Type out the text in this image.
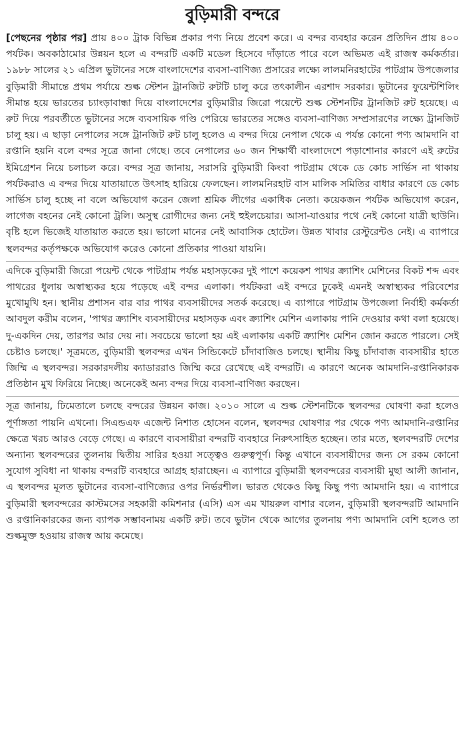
বুড়িমারী বন্দরে

[পেছনের পৃষ্ঠার পর] প্রায় ৪০০ ট্রাক বিভিন্ন প্রকার পণ্য নিয়ে প্রবেশ করে। এ বন্দর ব্যবহার করেন প্রতিদিন প্রায় ৪০০ পর্যটক। অবকাঠামোর উন্নয়ন হলে এ বন্দরটি একটি মডেল হিসেবে দাঁড়াতে পারে বলে অভিমত এই রাজস্ব কর্মকর্তার। ১৯৮৮ সালের ২১ এপ্রিল ভুটানের সঙ্গে বাংলাদেশের ব্যবসা-বাণিজ্য প্রসারের লক্ষ্যে লালমনিরহাটের পাটগ্রাম উপজেলার বুড়িমারী সীমান্তে প্রথম পর্যায়ে শুল্ক স্টেশন ট্রানজিট রুটটি চালু করে তৎকালীন এরশাদ সরকার। ভুটানের ফুয়েন্টশিলিং সীমান্ত হয়ে ভারতের চ্যাংড়াবান্ধা দিয়ে বাংলাদেশের বুড়িমারীর জিরো পয়েন্টে শুল্ক স্টেশনটির ট্রানজিট রুট হয়েছে। এ রুট দিয়ে পরবর্তীতে ভুটানের সঙ্গে ব্যবসায়িক গণ্ডি পেরিয়ে ভারতের সঙ্গেও ব্যবসা-বাণিজ্য সম্প্রসারণের লক্ষ্যে ট্রানজিট চালু হয়। এ ছাড়া নেপালের সঙ্গে ট্রানজিট রুট চালু হলেও এ বন্দর দিয়ে নেপাল থেকে এ পর্যন্ত কোনো পণ্য আমদানি বা রপ্তানি হয়নি বলে বন্দর সূত্রে জানা গেছে। তবে নেপালের ৬০ জন শিক্ষার্থী বাংলাদেশে পড়াশোনার কারণে এই রুটের ইমিগ্রেশন নিয়ে চলাচল করে। বন্দর সূত্র জানায়, সরাসরি বুড়িমারী কিংবা পাটগ্রাম থেকে ডে কোচ সার্ভিস না থাকায় পর্যটকরাও এ বন্দর দিয়ে যাতায়াতে উৎসাহ হারিয়ে ফেলছেন। লালমনিরহাট বাস মালিক সমিতির বাধার কারণে ডে কোচ সার্ভিস চালু হচ্ছে না বলে অভিযোগ করেন জেলা শ্রমিক লীগের একাধিক নেতা। কয়েকজন পর্যটক অভিযোগ করেন, লাগেজ বহনের নেই কোনো ট্রলি। অসুস্থ রোগীদের জন্য নেই হুইলচেয়ার। আসা-যাওয়ার পথে নেই কোনো যাত্রী ছাউনি। বৃষ্টি হলে ভিজেই যাতায়াত করতে হয়। ভালো মানের নেই আবাসিক হোটেল। উন্নত খাবার রেস্টুরেন্টও নেই। এ ব্যাপারে স্থলবন্দর কর্তৃপক্ষকে অভিযোগ করেও কোনো প্রতিকার পাওয়া যায়নি।

এদিকে বুড়িমারী জিরো পয়েন্ট থেকে পাটগ্রাম পর্যন্ত মহাসড়কের দুই পাশে কয়েকশ পাথর ক্র্যাশিং মেশিনের বিকট শব্দ এবং পাথরের ধুলায় অস্বাস্থ্যকর হয়ে পড়েছে এই বন্দর এলাকা। পর্যটকরা এই বন্দরে ঢুকেই এমনই অস্বাস্থ্যকর পরিবেশের মুখোমুখি হন। স্থানীয় প্রশাসন বার বার পাথর ব্যবসায়ীদের সতর্ক করেছে। এ ব্যাপারে পাটগ্রাম উপজেলা নির্বাহী কর্মকর্তা আবদুল করীম বলেন, 'পাথর ক্র্যাশিং ব্যবসায়ীদের মহাসড়ক এবং ক্র্যাশিং মেশিন এলাকায় পানি দেওয়ার কথা বলা হয়েছে। দু-একদিন দেয়, তারপর আর দেয় না। সবচেয়ে ভালো হয় এই এলাকায় একটি ক্র্যাশিং মেশিন জোন করতে পারলে। সেই চেষ্টাও চলছে।' সূত্রমতে, বুড়িমারী স্থলবন্দর এখন সিন্ডিকেটে চাঁদাবাজিও চলছে। স্থানীয় কিছু চাঁদাবাজ ব্যবসায়ীর হাতে জিম্মি এ স্থলবন্দর। সরকারদলীয় ক্যাডাররাও জিম্মি করে রেখেছে এই বন্দরটি। এ কারণে অনেক আমদানি-রপ্তানিকারক প্রতিষ্ঠান মুখ ফিরিয়ে নিচ্ছে। অনেকেই অন্য বন্দর দিয়ে ব্যবসা-বাণিজ্য করছেন।

সূত্র জানায়, ঢিমেতালে চলছে বন্দরের উন্নয়ন কাজ। ২০১০ সালে এ শুল্ক স্টেশনটিকে স্থলবন্দর ঘোষণা করা হলেও পূর্ণাঙ্গতা পায়নি এখনো। সিএন্ডএফ এজেন্ট নিশাত হোসেন বলেন, স্থলবন্দর ঘোষণার পর থেকে পণ্য আমদানি-রপ্তানির ক্ষেত্রে খরচ আরও বেড়ে গেছে। এ কারণে ব্যবসায়ীরা বন্দরটি ব্যবহারে নিরুৎসাহিত হচ্ছেন। তার মতে, স্থলবন্দরটি দেশের অন্যান্য স্থলবন্দরের তুলনায় দ্বিতীয় সারির হওয়া সত্ত্বেও গুরুত্বপূর্ণ। কিন্তু এখানে ব্যবসায়ীদের জন্য সে রকম কোনো সুযোগ সুবিধা না থাকায় বন্দরটি ব্যবহারে আগ্রহ হারাচ্ছেন। এ ব্যাপারে বুড়িমারী স্থলবন্দরের ব্যবসায়ী মুছা আলী জানান, এ স্থলবন্দর মূলত ভুটানের ব্যবসা-বাণিজ্যের ওপর নির্ভরশীল। ভারত থেকেও কিছু কিছু পণ্য আমদানি হয়। এ ব্যাপারে বুড়িমারী স্থলবন্দরের কাস্টমসের সহকারী কমিশনার (এসি) এস এম খায়রুল বাশার বলেন, বুড়িমারী স্থলবন্দরটি আমদানি ও রপ্তানিকারকের জন্য ব্যাপক সম্ভাবনাময় একটি রুট। তবে ভুটান থেকে আগের তুলনায় পণ্য আমদানি বেশি হলেও তা শুল্কমুক্ত হওয়ায় রাজস্ব আয় কমেছে।
